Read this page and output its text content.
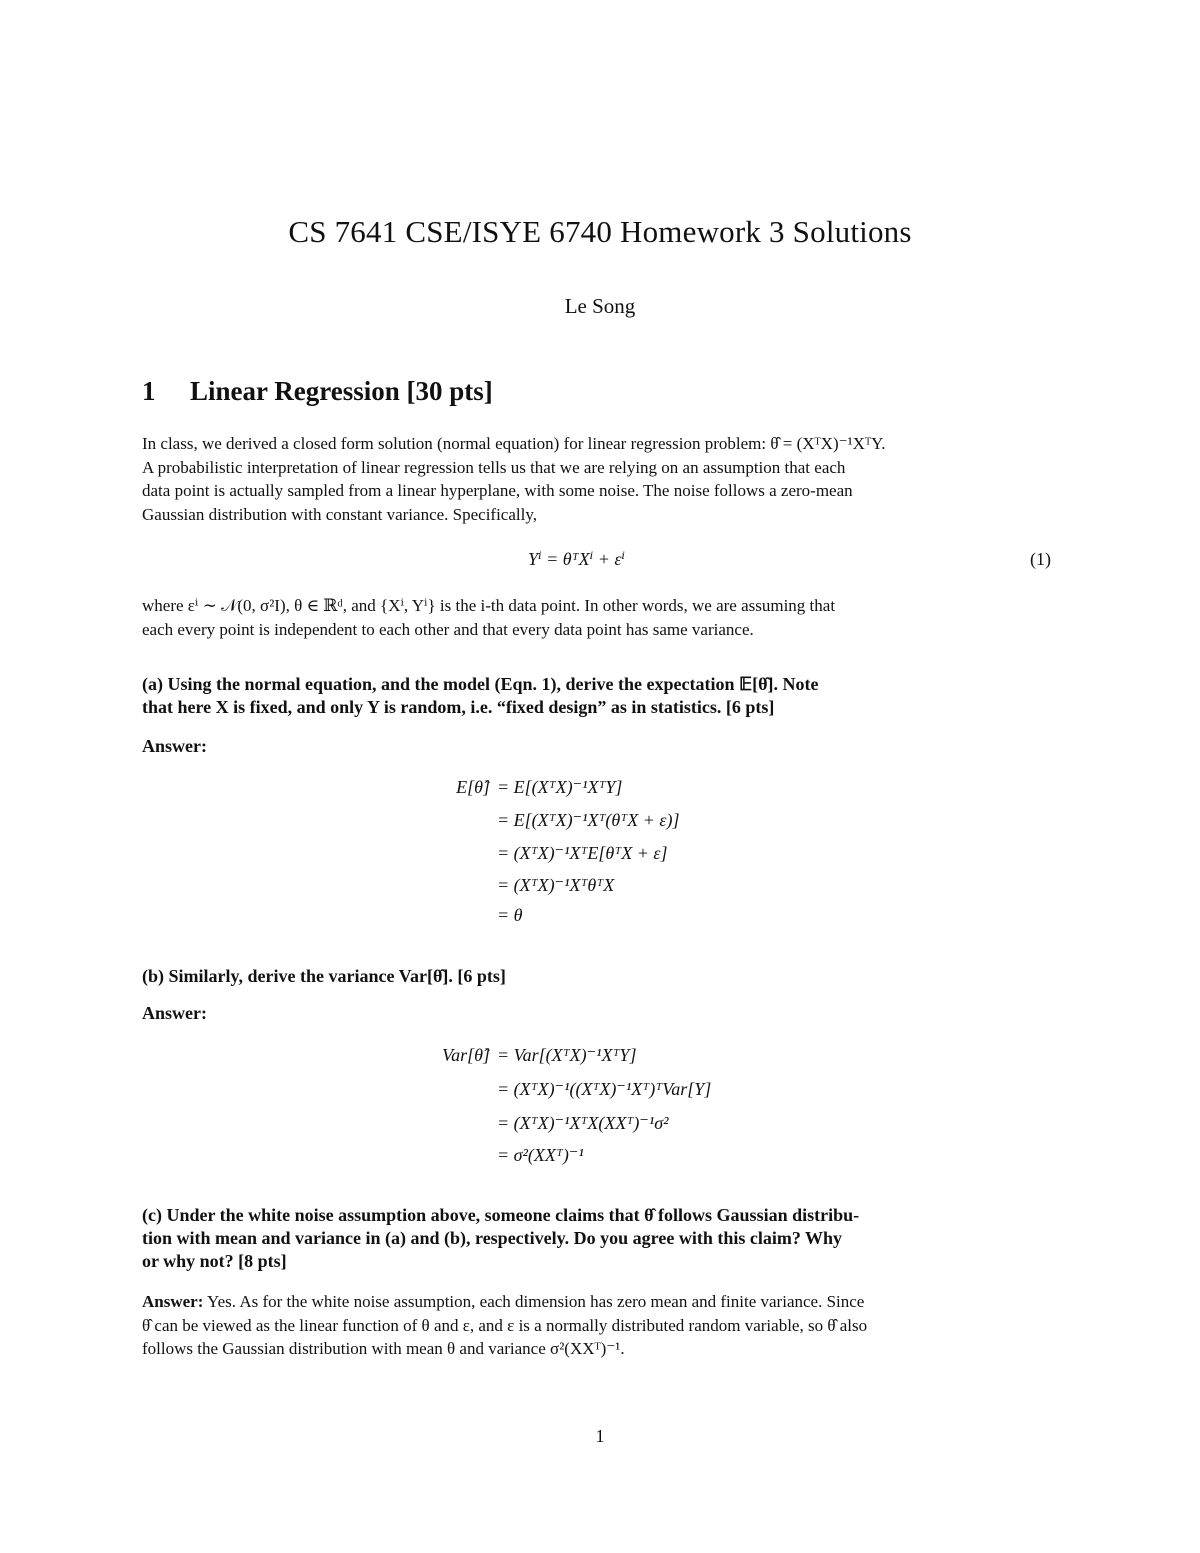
CS 7641 CSE/ISYE 6740 Homework 3 Solutions
Le Song
1 Linear Regression [30 pts]
In class, we derived a closed form solution (normal equation) for linear regression problem: θ̂ = (XᵀX)⁻¹XᵀY.
A probabilistic interpretation of linear regression tells us that we are relying on an assumption that each
data point is actually sampled from a linear hyperplane, with some noise. The noise follows a zero-mean
Gaussian distribution with constant variance. Specifically,
Yⁱ = θᵀXⁱ + εⁱ	(1)
where εⁱ ∼ 𝒩(0, σ²I), θ ∈ ℝᵈ, and {Xⁱ, Yⁱ} is the i-th data point. In other words, we are assuming that
each every point is independent to each other and that every data point has same variance.
(a) Using the normal equation, and the model (Eqn. 1), derive the expectation 𝔼[θ̂]. Note
that here X is fixed, and only Y is random, i.e. “fixed design” as in statistics. [6 pts]
Answer:
E[θ̂] = E[(XᵀX)⁻¹XᵀY]
= E[(XᵀX)⁻¹Xᵀ(θᵀX + ε)]
= (XᵀX)⁻¹XᵀE[θᵀX + ε]
= (XᵀX)⁻¹XᵀθᵀX
= θ
(b) Similarly, derive the variance Var[θ̂]. [6 pts]
Answer:
Var[θ̂] = Var[(XᵀX)⁻¹XᵀY]
= (XᵀX)⁻¹((XᵀX)⁻¹Xᵀ)ᵀVar[Y]
= (XᵀX)⁻¹XᵀX(XXᵀ)⁻¹σ²
= σ²(XXᵀ)⁻¹
(c) Under the white noise assumption above, someone claims that θ̂ follows Gaussian distribu-
tion with mean and variance in (a) and (b), respectively. Do you agree with this claim? Why
or why not? [8 pts]
Answer: Yes. As for the white noise assumption, each dimension has zero mean and finite variance. Since
θ̂ can be viewed as the linear function of θ and ε, and ε is a normally distributed random variable, so θ̂ also
follows the Gaussian distribution with mean θ and variance σ²(XXᵀ)⁻¹.
1
